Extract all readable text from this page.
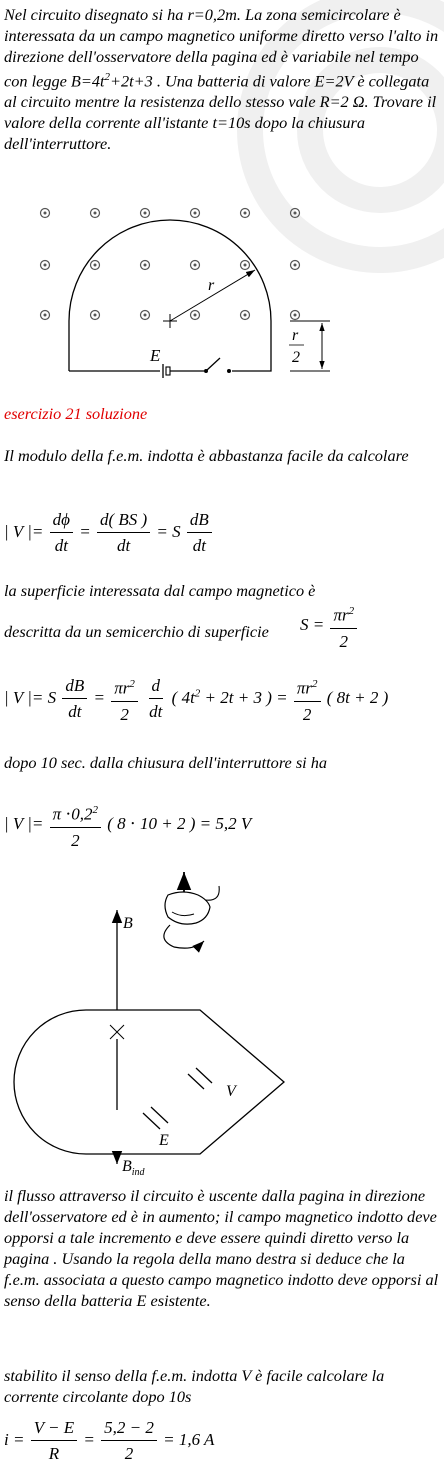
Nel circuito disegnato si ha r=0,2m. La zona semicircolare è interessata da un campo magnetico uniforme diretto verso l'alto in direzione dell'osservatore della pagina ed è variabile nel tempo con legge $B=4t^2+2t+3$ . Una batteria di valore E=2V è collegata al circuito mentre la resistenza dello stesso vale R=2 Ω. Trovare il valore della corrente all'istante t=10s dopo la chiusura dell'interruttore.

r
r
2
E

esercizio 21 soluzione

Il modulo della f.e.m. indotta è abbastanza facile da calcolare

| V |= $\frac{d\phi}{dt} = \frac{d( BS )}{dt} = S \frac{dB}{dt}$

la superficie interessata dal campo magnetico è

descritta da un semicerchio di superficie $S = \frac{\pi r^2}{2}$
| V |= S $\frac{dB}{dt} = \frac{\pi r^2}{2}$
$\frac{d}{dt}$ ( $4t^2 + 2t + 3$ ) = $\frac{\pi r^2}{2}$ ( 8t + 2 )

dopo 10 sec. dalla chiusura dell'interruttore si ha

| V |= $\frac{\pi \cdot 0,2^2}{2}$ ( 8 ⋅ 10 + 2 ) = 5,2 V
B
V
E
$B_{ind}$

il flusso attraverso il circuito è uscente dalla pagina in direzione dell'osservatore ed è in aumento; il campo magnetico indotto deve opporsi a tale incremento e deve essere quindi diretto verso la pagina . Usando la regola della mano destra si deduce che la f.e.m. associata a questo campo magnetico indotto deve opporsi al senso della batteria E esistente.

stabilito il senso della f.e.m. indotta V è facile calcolare la corrente circolante dopo 10s

$i = \frac{V - E}{R} = \frac{5,2 - 2}{2} = 1,6$ A
